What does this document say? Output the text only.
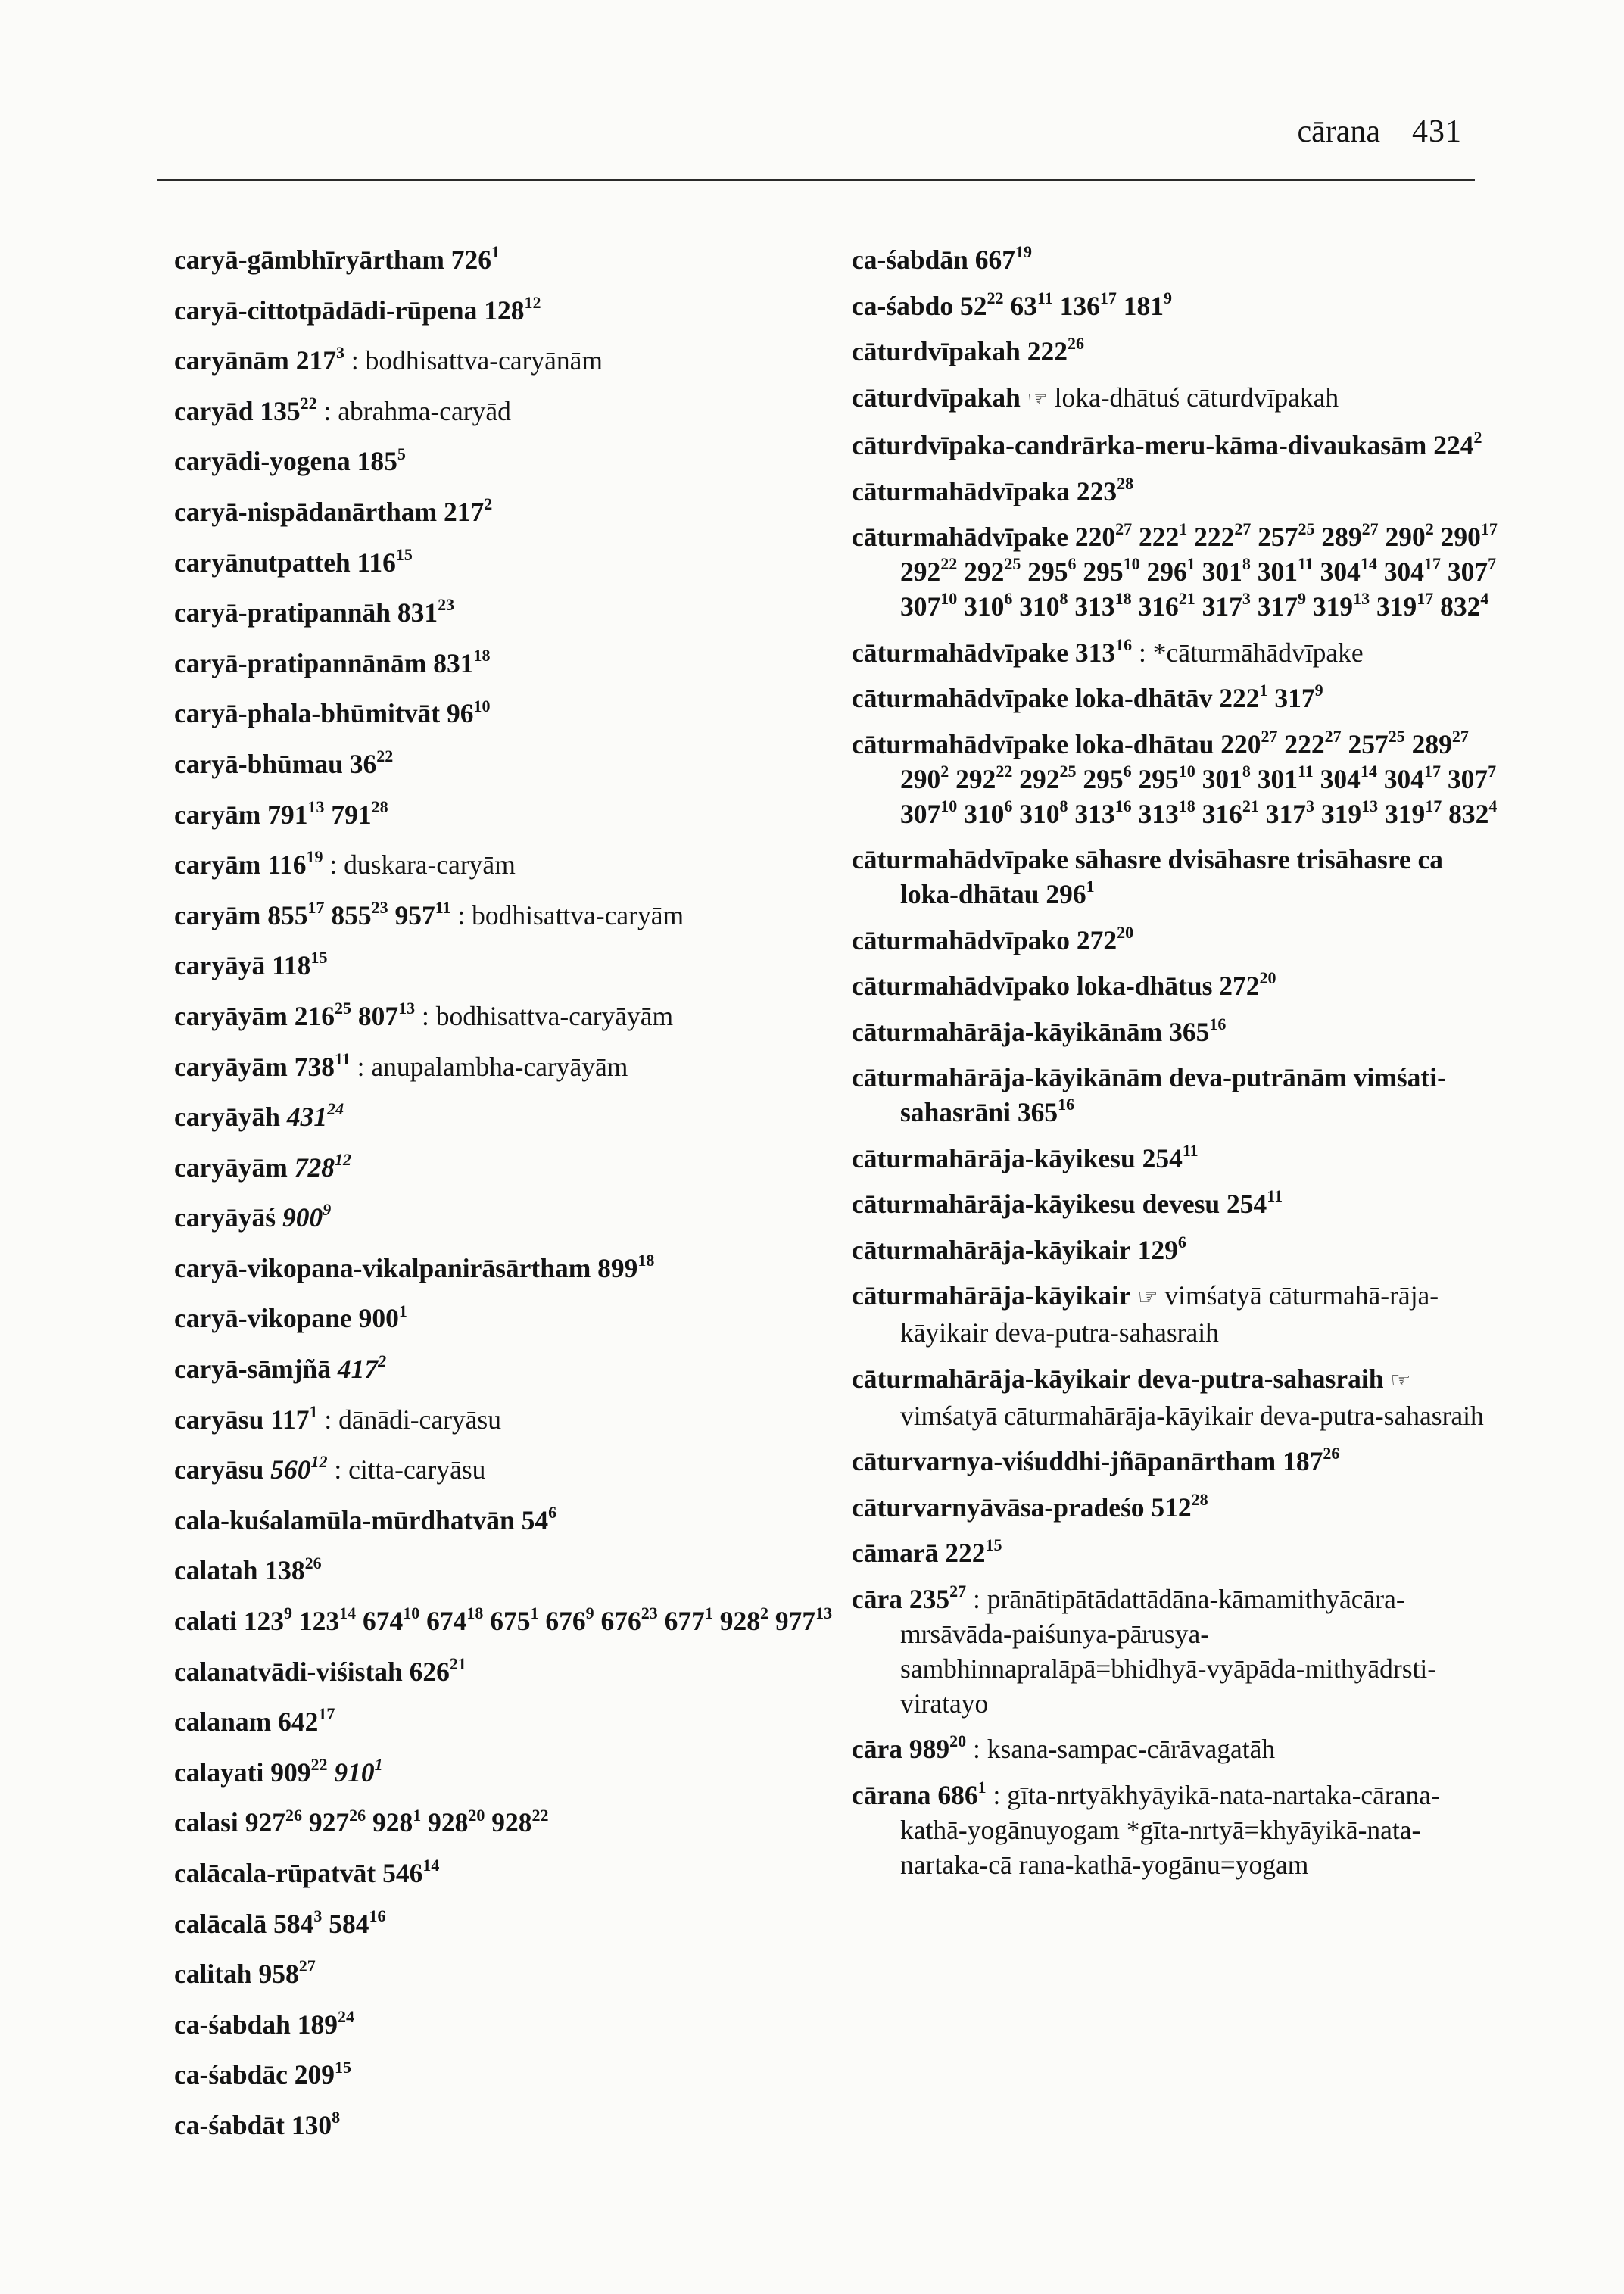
cārana 431

caryā-gāmbhīryārtham $726^1$

caryā-cittotpādādi-rūpena $128^{12}$

caryānām $217^3$ : bodhisattva-caryānām

caryād $135^{22}$ : abrahma-caryād

caryādi-yogena $185^5$

caryā-nispādanārtham $217^2$

caryānutpatteh $116^{15}$

caryā-pratipannāh $831^{23}$

caryā-pratipannānām $831^{18}$

caryā-phala-bhūmitvāt $96^{10}$

caryā-bhūmau $36^{22}$

caryām $791^{13}$ $791^{28}$

caryām $116^{19}$ : duskara-caryām

caryām $855^{17}$ $855^{23}$ $957^{11}$ : bodhisattva-caryām

caryāyā $118^{15}$

caryāyām $216^{25}$ $807^{13}$ : bodhisattva-caryāyām

caryāyām $738^{11}$ : anupalambha-caryāyām

caryāyāh $431^{24}$

caryāyām $728^{12}$

caryāyāś $900^9$

caryā-vikopana-vikalpanirāsārtham $899^{18}$

caryā-vikopane $900^1$

caryā-sāmjñā $417^2$

caryāsu $117^1$ : dānādi-caryāsu

caryāsu $560^{12}$ : citta-caryāsu

cala-kuśalamūla-mūrdhatvān $54^6$

calatah $138^{26}$

calati $123^9$ $123^{14}$ $674^{10}$ $674^{18}$ $675^1$ $676^9$ $676^{23}$ $677^1$ $928^2$ $977^{13}$

calanatvādi-viśistah $626^{21}$

calanam $642^{17}$

calayati $909^{22}$ $910^1$

calasi $927^{26}$ $927^{26}$ $928^1$ $928^{20}$ $928^{22}$

calācala-rūpatvāt $546^{14}$

calācalā $584^3$ $584^{16}$

calitah $958^{27}$

ca-śabdah $189^{24}$

ca-śabdāc $209^{15}$

ca-śabdāt $130^8$

ca-śabdān $667^{19}$

ca-śabdo $52^{22}$ $63^{11}$ $136^{17}$ $181^9$

cāturdvīpakah $222^{26}$

cāturdvīpakah ☞ loka-dhātuś cāturdvīpakah

cāturdvīpaka-candrārka-meru-kāma-divaukasām $224^2$

cāturmahādvīpaka $223^{28}$

cāturmahādvīpake $220^{27}$ $222^1$ $222^{27}$ $257^{25}$ $289^{27}$ $290^2$ $290^{17}$ $292^{22}$ $292^{25}$ $295^6$ $295^{10}$ $296^1$ $301^8$ $301^{11}$ $304^{14}$ $304^{17}$ $307^7$ $307^{10}$ $310^6$ $310^8$ $313^{18}$ $316^{21}$ $317^3$ $317^9$ $319^{13}$ $319^{17}$ $832^4$

cāturmahādvīpake $313^{16}$ : *cāturmāhādvīpake

cāturmahādvīpake loka-dhātāv $222^1$ $317^9$

cāturmahādvīpake loka-dhātau $220^{27}$ $222^{27}$ $257^{25}$ $289^{27}$ $290^2$ $292^{22}$ $292^{25}$ $295^6$ $295^{10}$ $301^8$ $301^{11}$ $304^{14}$ $304^{17}$ $307^7$ $307^{10}$ $310^6$ $310^8$ $313^{16}$ $313^{18}$ $316^{21}$ $317^3$ $319^{13}$ $319^{17}$ $832^4$

cāturmahādvīpake sāhasre dvisāhasre trisāhasre ca loka-dhātau $296^1$

cāturmahādvīpako $272^{20}$

cāturmahādvīpako loka-dhātus $272^{20}$

cāturmahārāja-kāyikānām $365^{16}$

cāturmahārāja-kāyikānām deva-putrānām vimśati-sahasrāni $365^{16}$

cāturmahārāja-kāyikesu $254^{11}$

cāturmahārāja-kāyikesu devesu $254^{11}$

cāturmahārāja-kāyikair $129^6$

cāturmahārāja-kāyikair ☞ vimśatyā cāturmahā-rāja-kāyikair deva-putra-sahasraih

cāturmahārāja-kāyikair deva-putra-sahasraih ☞ vimśatyā cāturmahārāja-kāyikair deva-putra-sahasraih

cāturvarnya-viśuddhi-jñāpanārtham $187^{26}$

cāturvarnyāvāsa-pradeśo $512^{28}$

cāmarā $222^{15}$

cāra $235^{27}$ : prānātipātādattādāna-kāmamithyācāra-mrsāvāda-paiśunya-pārusya-sambhinnapralāpā=bhidhyā-vyāpāda-mithyādrsti-viratayo

cāra $989^{20}$ : ksana-sampac-cārāvagatāh

cārana $686^1$ : gīta-nrtyākhyāyikā-nata-nartaka-cārana-kathā-yogānuyogam *gīta-nrtyā=khyāyikā-nata-nartaka-cā rana-kathā-yogānu=yogam
